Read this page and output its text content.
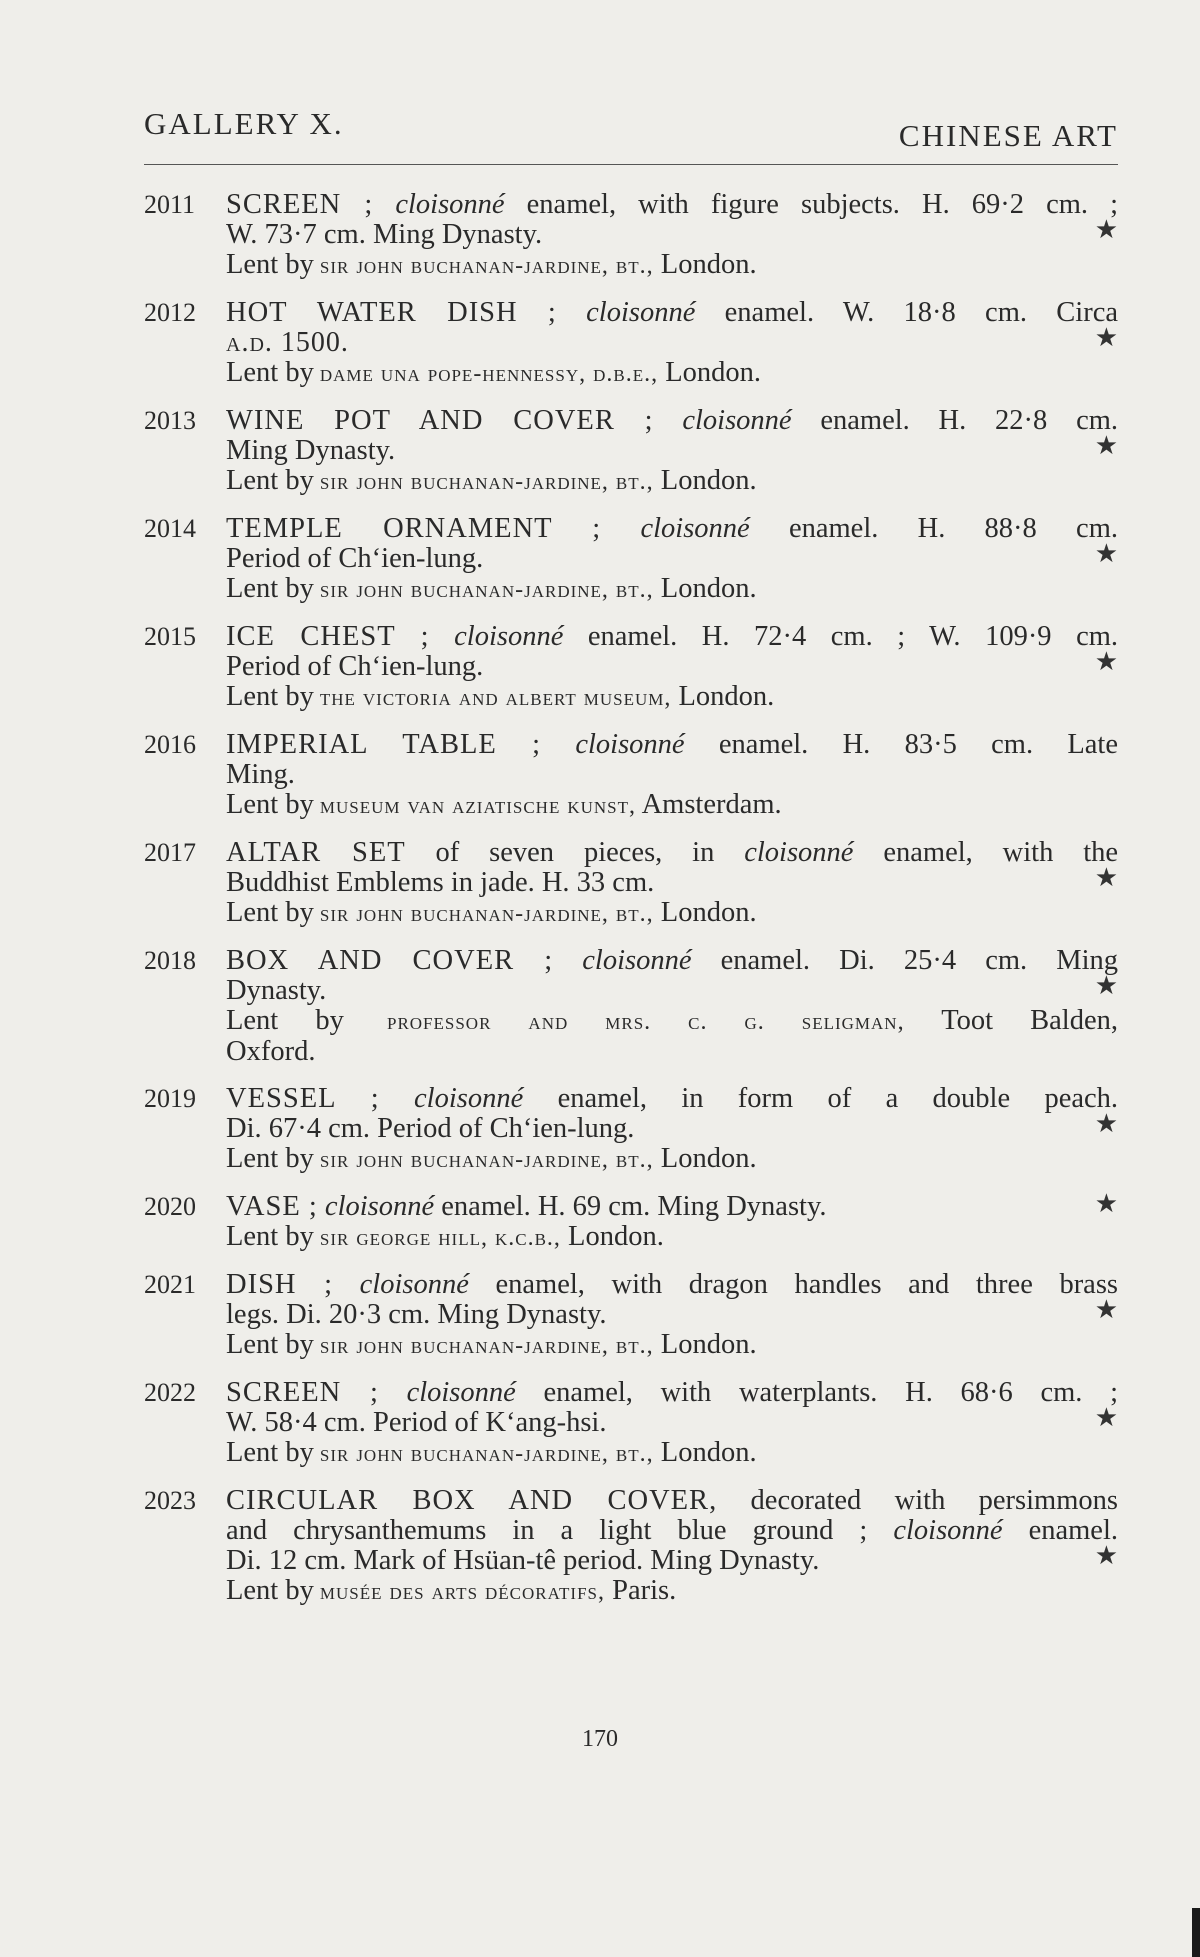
GALLERY X.	CHINESE ART
2011 SCREEN ; cloisonné enamel, with figure subjects. H. 69·2 cm. ;
W. 73·7 cm. Ming Dynasty.
Lent by sir john buchanan-jardine, bt., London.
★
2012 HOT WATER DISH ; cloisonné enamel. W. 18·8 cm. Circa
a.d. 1500.
Lent by dame una pope-hennessy, d.b.e., London.
★
2013 WINE POT AND COVER ; cloisonné enamel. H. 22·8 cm.
Ming Dynasty.
Lent by sir john buchanan-jardine, bt., London.
★
2014 TEMPLE ORNAMENT ; cloisonné enamel. H. 88·8 cm.
Period of Ch‘ien-lung.
Lent by sir john buchanan-jardine, bt., London.
★
2015 ICE CHEST ; cloisonné enamel. H. 72·4 cm. ; W. 109·9 cm.
Period of Ch‘ien-lung.
Lent by the victoria and albert museum, London.
★
2016 IMPERIAL TABLE ; cloisonné enamel. H. 83·5 cm. Late
Ming.
Lent by museum van aziatische kunst, Amsterdam.
2017 ALTAR SET of seven pieces, in cloisonné enamel, with the
Buddhist Emblems in jade. H. 33 cm.
Lent by sir john buchanan-jardine, bt., London.
★
2018 BOX AND COVER ; cloisonné enamel. Di. 25·4 cm. Ming
Dynasty.
Lent by professor and mrs. c. g. seligman, Toot Balden,
Oxford.
★
2019 VESSEL ; cloisonné enamel, in form of a double peach.
Di. 67·4 cm. Period of Ch‘ien-lung.
Lent by sir john buchanan-jardine, bt., London.
★
2020 VASE ; cloisonné enamel. H. 69 cm. Ming Dynasty.
Lent by sir george hill, k.c.b., London.
★
2021 DISH ; cloisonné enamel, with dragon handles and three brass
legs. Di. 20·3 cm. Ming Dynasty.
Lent by sir john buchanan-jardine, bt., London.
★
2022 SCREEN ; cloisonné enamel, with waterplants. H. 68·6 cm. ;
W. 58·4 cm. Period of K‘ang-hsi.
Lent by sir john buchanan-jardine, bt., London.
★
2023 CIRCULAR BOX AND COVER, decorated with persimmons
and chrysanthemums in a light blue ground ; cloisonné enamel.
Di. 12 cm. Mark of Hsüan-tê period. Ming Dynasty.
Lent by musée des arts décoratifs, Paris.
★
170
